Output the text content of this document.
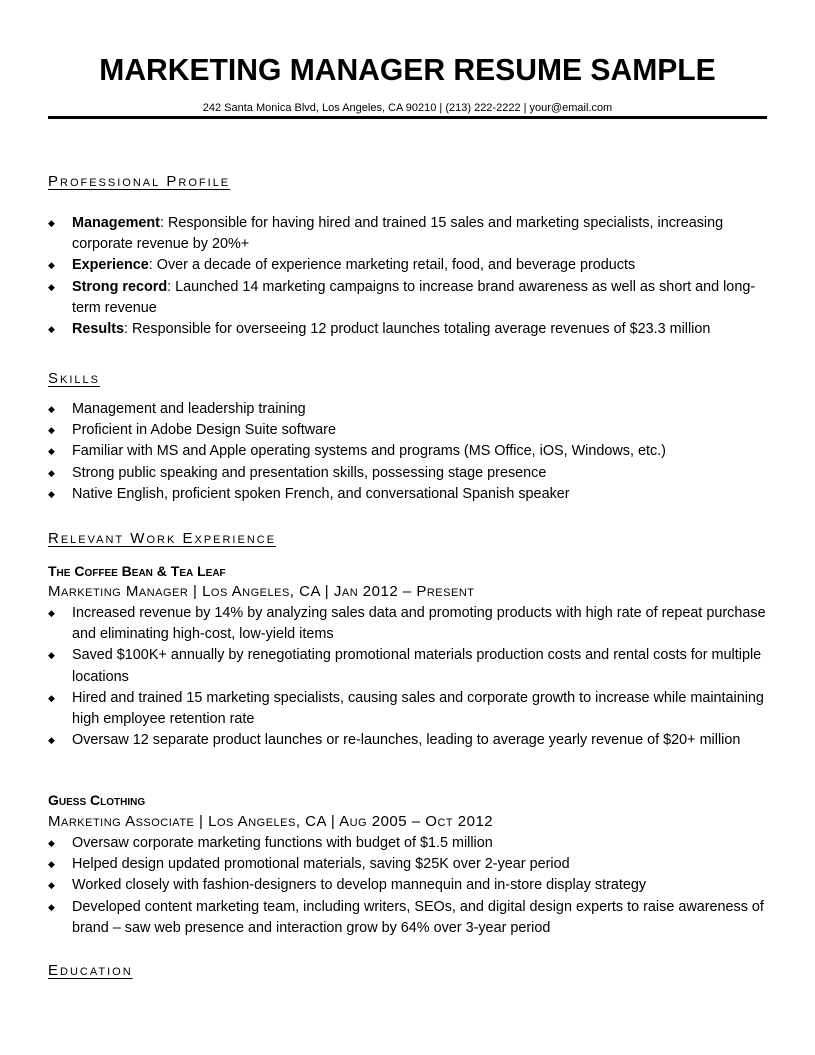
MARKETING MANAGER RESUME SAMPLE
242 Santa Monica Blvd, Los Angeles, CA 90210 | (213) 222-2222 | your@email.com
Professional Profile
◆ Management: Responsible for having hired and trained 15 sales and marketing specialists, increasing corporate revenue by 20%+
◆ Experience: Over a decade of experience marketing retail, food, and beverage products
◆ Strong record: Launched 14 marketing campaigns to increase brand awareness as well as short and long-term revenue
◆ Results: Responsible for overseeing 12 product launches totaling average revenues of $23.3 million
Skills
◆ Management and leadership training
◆ Proficient in Adobe Design Suite software
◆ Familiar with MS and Apple operating systems and programs (MS Office, iOS, Windows, etc.)
◆ Strong public speaking and presentation skills, possessing stage presence
◆ Native English, proficient spoken French, and conversational Spanish speaker
Relevant Work Experience
The Coffee Bean & Tea Leaf
Marketing Manager | Los Angeles, CA | Jan 2012 – Present
◆ Increased revenue by 14% by analyzing sales data and promoting products with high rate of repeat purchase and eliminating high-cost, low-yield items
◆ Saved $100K+ annually by renegotiating promotional materials production costs and rental costs for multiple locations
◆ Hired and trained 15 marketing specialists, causing sales and corporate growth to increase while maintaining high employee retention rate
◆ Oversaw 12 separate product launches or re-launches, leading to average yearly revenue of $20+ million
Guess Clothing
Marketing Associate | Los Angeles, CA | Aug 2005 – Oct 2012
◆ Oversaw corporate marketing functions with budget of $1.5 million
◆ Helped design updated promotional materials, saving $25K over 2-year period
◆ Worked closely with fashion-designers to develop mannequin and in-store display strategy
◆ Developed content marketing team, including writers, SEOs, and digital design experts to raise awareness of brand – saw web presence and interaction grow by 64% over 3-year period
Education
